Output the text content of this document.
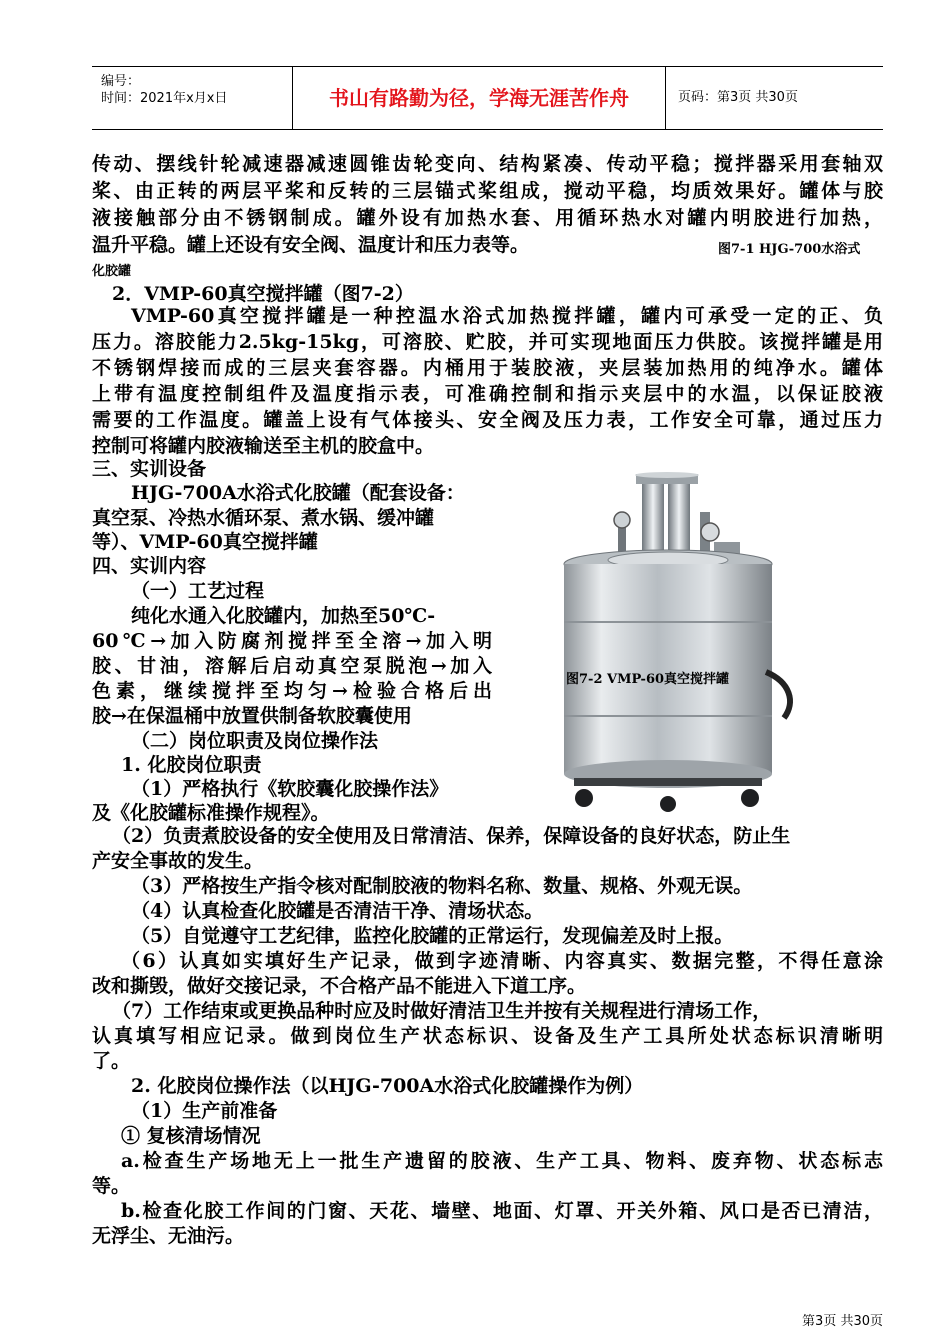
编号：
时间：2021年x月x日	书山有路勤为径，学海无涯苦作舟	页码：第3页 共30页
传动、摆线针轮减速器减速圆锥齿轮变向、结构紧凑、传动平稳；搅拌器采用套轴双
桨、由正转的两层平桨和反转的三层锚式桨组成，搅动平稳，均质效果好。罐体与胶
液接触部分由不锈钢制成。罐外设有加热水套、用循环热水对罐内明胶进行加热，
温升平稳。罐上还设有安全阀、温度计和压力表等。	图7-1 HJG-700水浴式
化胶罐
2．VMP-60真空搅拌罐（图7-2）
VMP-60真空搅拌罐是一种控温水浴式加热搅拌罐，罐内可承受一定的正、负
压力。溶胶能力2.5kg-15kg，可溶胶、贮胶，并可实现地面压力供胶。该搅拌罐是用
不锈钢焊接而成的三层夹套容器。内桶用于装胶液，夹层装加热用的纯净水。罐体
上带有温度控制组件及温度指示表，可准确控制和指示夹层中的水温，以保证胶液
需要的工作温度。罐盖上设有气体接头、安全阀及压力表，工作安全可靠，通过压力
控制可将罐内胶液输送至主机的胶盒中。
三、实训设备
HJG-700A水浴式化胶罐（配套设备：
真空泵、冷热水循环泵、煮水锅、缓冲罐
等）、VMP-60真空搅拌罐
四、实训内容
（一）工艺过程
纯化水通入化胶罐内，加热至50℃-
60℃→加入防腐剂搅拌至全溶→加入明
胶、甘油，溶解后启动真空泵脱泡→加入
色素，继续搅拌至均匀→检验合格后出
胶→在保温桶中放置供制备软胶囊使用
（二）岗位职责及岗位操作法
1. 化胶岗位职责
（1）严格执行《软胶囊化胶操作法》
及《化胶罐标准操作规程》。
图7-2 VMP-60真空搅拌罐
（2）负责煮胶设备的安全使用及日常清洁、保养，保障设备的良好状态，防止生
产安全事故的发生。
（3）严格按生产指令核对配制胶液的物料名称、数量、规格、外观无误。
（4）认真检查化胶罐是否清洁干净、清场状态。
（5）自觉遵守工艺纪律，监控化胶罐的正常运行，发现偏差及时上报。
（6）认真如实填好生产记录，做到字迹清晰、内容真实、数据完整，不得任意涂
改和撕毁，做好交接记录，不合格产品不能进入下道工序。
（7）工作结束或更换品种时应及时做好清洁卫生并按有关规程进行清场工作，
认真填写相应记录。做到岗位生产状态标识、设备及生产工具所处状态标识清晰明
了。
2. 化胶岗位操作法（以HJG-700A水浴式化胶罐操作为例）
（1）生产前准备
① 复核清场情况
a.检查生产场地无上一批生产遗留的胶液、生产工具、物料、废弃物、状态标志
等。
b.检查化胶工作间的门窗、天花、墙壁、地面、灯罩、开关外箱、风口是否已清洁，
无浮尘、无油污。
第3页 共30页
